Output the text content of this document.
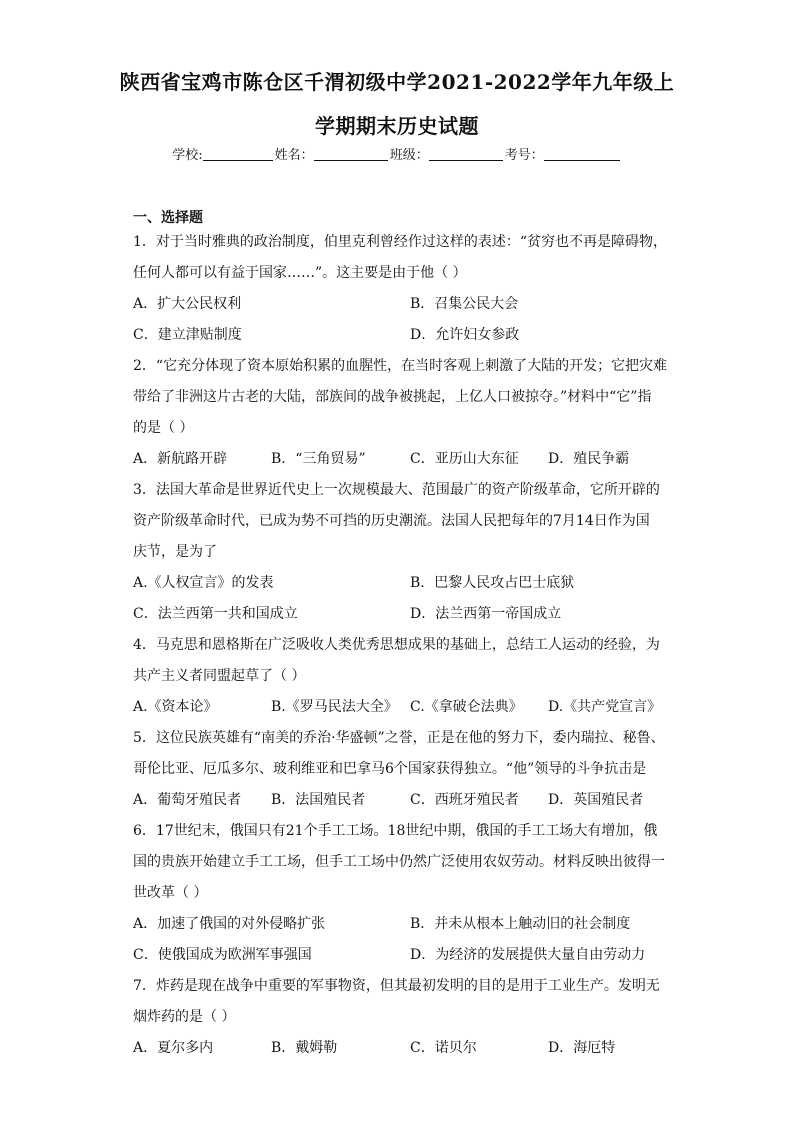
陕西省宝鸡市陈仓区千渭初级中学2021-2022学年九年级上
学期期末历史试题
学校:	姓名：	班级：	考号：
一、选择题
1．对于当时雅典的政治制度，伯里克利曾经作过这样的表述：“贫穷也不再是障碍物，
任何人都可以有益于国家……”。这主要是由于他（ ）
A．扩大公民权利	B．召集公民大会
C．建立津贴制度	D．允许妇女参政
2．“它充分体现了资本原始积累的血腥性，在当时客观上刺激了大陆的开发；它把灾难
带给了非洲这片古老的大陆，部族间的战争被挑起，上亿人口被掠夺。”材料中“它”指
的是（ ）
A．新航路开辟	B．“三角贸易”	C．亚历山大东征 D．殖民争霸
3．法国大革命是世界近代史上一次规模最大、范围最广的资产阶级革命，它所开辟的
资产阶级革命时代，已成为势不可挡的历史潮流。法国人民把每年的7月14日作为国
庆节，是为了
A.《人权宣言》的发表	B．巴黎人民攻占巴士底狱
C．法兰西第一共和国成立	D．法兰西第一帝国成立
4．马克思和恩格斯在广泛吸收人类优秀思想成果的基础上，总结工人运动的经验，为
共产主义者同盟起草了（ ）
A.《资本论》	B.《罗马民法大全》 C.《拿破仑法典》 D.《共产党宣言》
5．这位民族英雄有“南美的乔治·华盛顿”之誉，正是在他的努力下，委内瑞拉、秘鲁、
哥伦比亚、厄瓜多尔、玻利维亚和巴拿马6个国家获得独立。“他”领导的斗争抗击是
A．葡萄牙殖民者 B．法国殖民者	C．西班牙殖民者 D．英国殖民者
6．17世纪末，俄国只有21个手工工场。18世纪中期，俄国的手工工场大有增加，俄
国的贵族开始建立手工工场，但手工工场中仍然广泛使用农奴劳动。材料反映出彼得一
世改革（ ）
A．加速了俄国的对外侵略扩张	B．并未从根本上触动旧的社会制度
C．使俄国成为欧洲军事强国	D．为经济的发展提供大量自由劳动力
7．炸药是现在战争中重要的军事物资，但其最初发明的目的是用于工业生产。发明无
烟炸药的是（ ）
A．夏尔多内	B．戴姆勒	C．诺贝尔	D．海厄特
